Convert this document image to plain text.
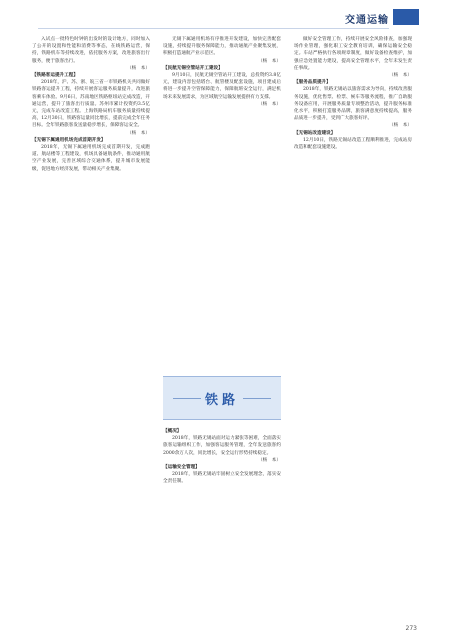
交通运输

入试点一批特色时钟的出发时的设计地方，同时加入了公开的设置和性能和消费等事态，在线铁路运营，保持，铁路机车等持续改进，依托服务方案，改进旅客出行服务，便于旅客出行。

（杨　本）

【铁路客运提升工程】

2018年，沪、苏、浙、皖三省一市铁路机关共同做好铁路客运提升工程，持续开展客运服务质量提升，改进旅客乘车体验。9月6日，苏南地区铁路枢纽站完成改造，开通运营，提升了旅客出行质量。苏州市累计投资约3.5亿元，完成车站改造工程。上海铁路局机车服务质量持续提高，12月30日，铁路客运量同比增长，提前完成全年任务目标。全年铁路旅客发送量稳步增长，保障客运安全。

（杨　本）

【无锡下属通用机场完成首期开发】

2018年，无锡下属通用机场完成首期开发，完成跑道、航站楼等工程建设，机场具备通航条件，推动通用航空产业发展，完善区域综合交通体系，提升城市发展能级，促进地方经济发展，带动相关产业集聚。

无锡下属通用机场有序推进开发建设，加快完善配套设施，持续提升服务保障能力，推动通航产业聚集发展，积极打造通航产业示范区。

（杨　本）

【民航无锡空管站开工建设】

9月10日，民航无锡空管站开工建设，总投资约3.8亿元，建设内容包括塔台、航管楼及配套设施，项目建成后将进一步提升空管保障能力，保障航班安全运行，满足机场未来发展需求，为区域航空运输发展提供有力支撑。

（杨　本）

铁路

【概况】

2018年，铁路无锡站面对运力紧张等困难，全面落实旅客运输组织工作，加强客运服务管理，全年发送旅客约2000余万人次，同比增长，安全运行形势持续稳定。

（杨　本）

【运输安全管理】

2018年，铁路无锡站牢固树立安全发展理念，落实安全责任制。

做好安全管理工作，持续开展安全风险排查，加强现场作业管理，强化职工安全教育培训，确保运输安全稳定。车站严格执行各项规章制度，做好设备检查维护，加强应急处置能力建设，提高安全管理水平，全年未发生责任事故。

（杨　本）

【服务品质提升】

2018年，铁路无锡站以旅客需求为导向，持续改善服务设施，优化售票、检票、候车等服务流程，推广自助服务设备应用，开展服务质量专项整治活动，提升服务标准化水平，积极打造服务品牌，旅客满意度持续提高，服务品质进一步提升，受到广大旅客好评。

（杨　本）

【无锡站改造建设】

12月10日，铁路无锡站改造工程顺利推进，完成站房改造和配套设施建设。

273
